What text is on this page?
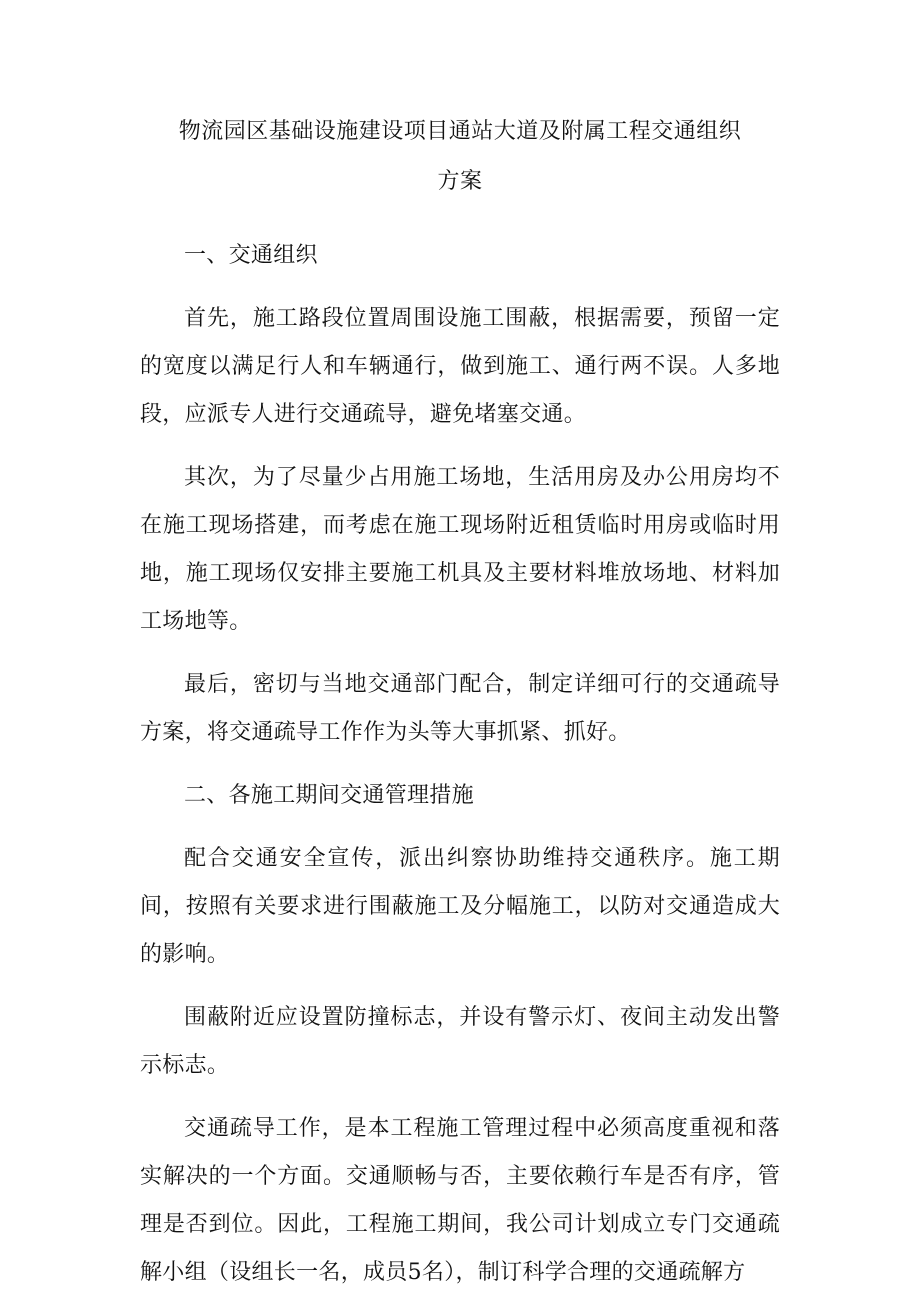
物流园区基础设施建设项目通站大道及附属工程交通组织
方案

一、交通组织

首先，施工路段位置周围设施工围蔽，根据需要，预留一定的宽度以满足行人和车辆通行，做到施工、通行两不误。人多地段，应派专人进行交通疏导，避免堵塞交通。

其次，为了尽量少占用施工场地，生活用房及办公用房均不在施工现场搭建，而考虑在施工现场附近租赁临时用房或临时用地，施工现场仅安排主要施工机具及主要材料堆放场地、材料加工场地等。

最后，密切与当地交通部门配合，制定详细可行的交通疏导方案，将交通疏导工作作为头等大事抓紧、抓好。

二、各施工期间交通管理措施

配合交通安全宣传，派出纠察协助维持交通秩序。施工期间，按照有关要求进行围蔽施工及分幅施工，以防对交通造成大的影响。

围蔽附近应设置防撞标志，并设有警示灯、夜间主动发出警示标志。

交通疏导工作，是本工程施工管理过程中必须高度重视和落实解决的一个方面。交通顺畅与否，主要依赖行车是否有序，管理是否到位。因此，工程施工期间，我公司计划成立专门交通疏解小组（设组长一名，成员5名），制订科学合理的交通疏解方
